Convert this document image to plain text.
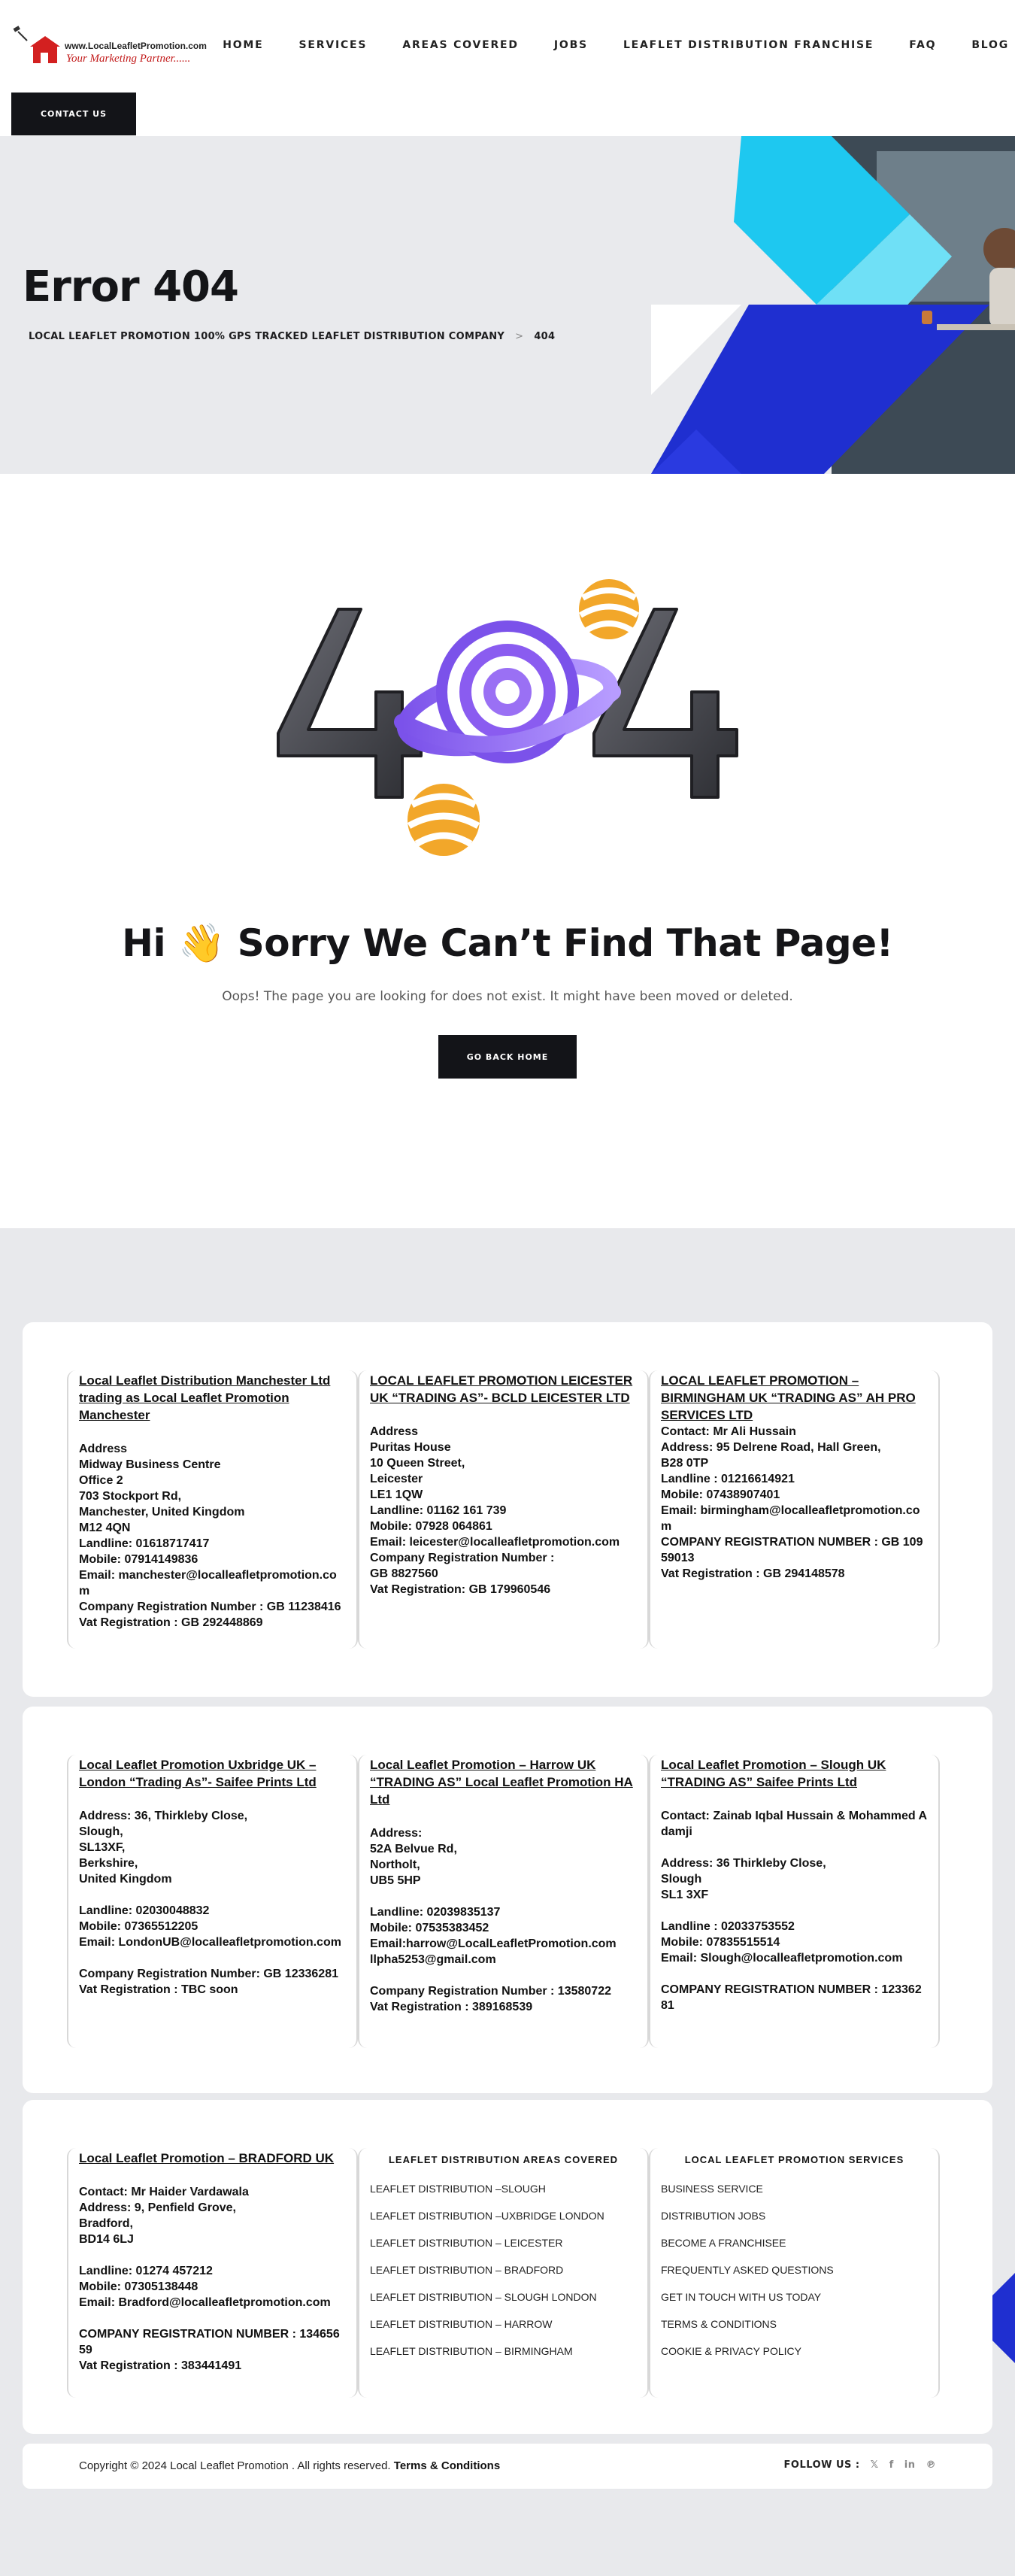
www.LocalLeafletPromotion.com
Your Marketing Partner......
HOME	SERVICES	AREAS COVERED	JOBS	LEAFLET DISTRIBUTION FRANCHISE	FAQ	BLOG
CONTACT US
Error 404
LOCAL LEAFLET PROMOTION 100% GPS TRACKED LEAFLET DISTRIBUTION COMPANY > 404
Hi 👋 Sorry We Can’t Find That Page!
Oops! The page you are looking for does not exist. It might have been moved or deleted.
GO BACK HOME
Local Leaflet Distribution Manchester Ltd trading as Local Leaflet Promotion Manchester
Address
Midway Business Centre
Office 2
703 Stockport Rd,
Manchester, United Kingdom
M12 4QN
Landline: 01618717417
Mobile: 07914149836
Email: manchester@localleafletpromotion.com
Company Registration Number : GB 11238416
Vat Registration : GB 292448869
LOCAL LEAFLET PROMOTION LEICESTER UK “TRADING AS”- BCLD LEICESTER LTD
Address
Puritas House
10 Queen Street,
Leicester
LE1 1QW
Landline: 01162 161 739
Mobile: 07928 064861
Email: leicester@localleafletpromotion.com
Company Registration Number :
GB 8827560
Vat Registration: GB 179960546
LOCAL LEAFLET PROMOTION – BIRMINGHAM UK “TRADING AS” AH PRO SERVICES LTD
Contact: Mr Ali Hussain
Address: 95 Delrene Road, Hall Green,
B28 0TP
Landline : 01216614921
Mobile: 07438907401
Email: birmingham@localleafletpromotion.com
COMPANY REGISTRATION NUMBER : GB 10959013
Vat Registration : GB 294148578
Local Leaflet Promotion Uxbridge UK – London “Trading As”- Saifee Prints Ltd
Address: 36, Thirkleby Close,
Slough,
SL13XF,
Berkshire,
United Kingdom

Landline: 02030048832
Mobile: 07365512205
Email: LondonUB@localleafletpromotion.com

Company Registration Number: GB 12336281
Vat Registration : TBC soon
Local Leaflet Promotion – Harrow UK “TRADING AS” Local Leaflet Promotion HA Ltd
Address:
52A Belvue Rd,
Northolt,
UB5 5HP

Landline: 02039835137
Mobile: 07535383452
Email:harrow@LocalLeafletPromotion.com
llpha5253@gmail.com

Company Registration Number : 13580722
Vat Registration : 389168539
Local Leaflet Promotion – Slough UK “TRADING AS” Saifee Prints Ltd
Contact: Zainab Iqbal Hussain & Mohammed Adamji

Address: 36 Thirkleby Close,
Slough
SL1 3XF

Landline : 02033753552
Mobile: 07835515514
Email: Slough@localleafletpromotion.com

COMPANY REGISTRATION NUMBER : 12336281
Local Leaflet Promotion – BRADFORD UK
Contact: Mr Haider Vardawala
Address: 9, Penfield Grove,
Bradford,
BD14 6LJ

Landline: 01274 457212
Mobile: 07305138448
Email: Bradford@localleafletpromotion.com

COMPANY REGISTRATION NUMBER : 13465659
Vat Registration : 383441491
LEAFLET DISTRIBUTION AREAS COVERED
LEAFLET DISTRIBUTION –SLOUGH
LEAFLET DISTRIBUTION –UXBRIDGE LONDON
LEAFLET DISTRIBUTION – LEICESTER
LEAFLET DISTRIBUTION – BRADFORD
LEAFLET DISTRIBUTION – SLOUGH LONDON
LEAFLET DISTRIBUTION – HARROW
LEAFLET DISTRIBUTION – BIRMINGHAM
LOCAL LEAFLET PROMOTION SERVICES
BUSINESS SERVICE
DISTRIBUTION JOBS
BECOME A FRANCHISEE
FREQUENTLY ASKED QUESTIONS
GET IN TOUCH WITH US TODAY
TERMS & CONDITIONS
COOKIE & PRIVACY POLICY
Copyright © 2024 Local Leaflet Promotion . All rights reserved. Terms & Conditions	FOLLOW US : 𝕏 f in ℗
